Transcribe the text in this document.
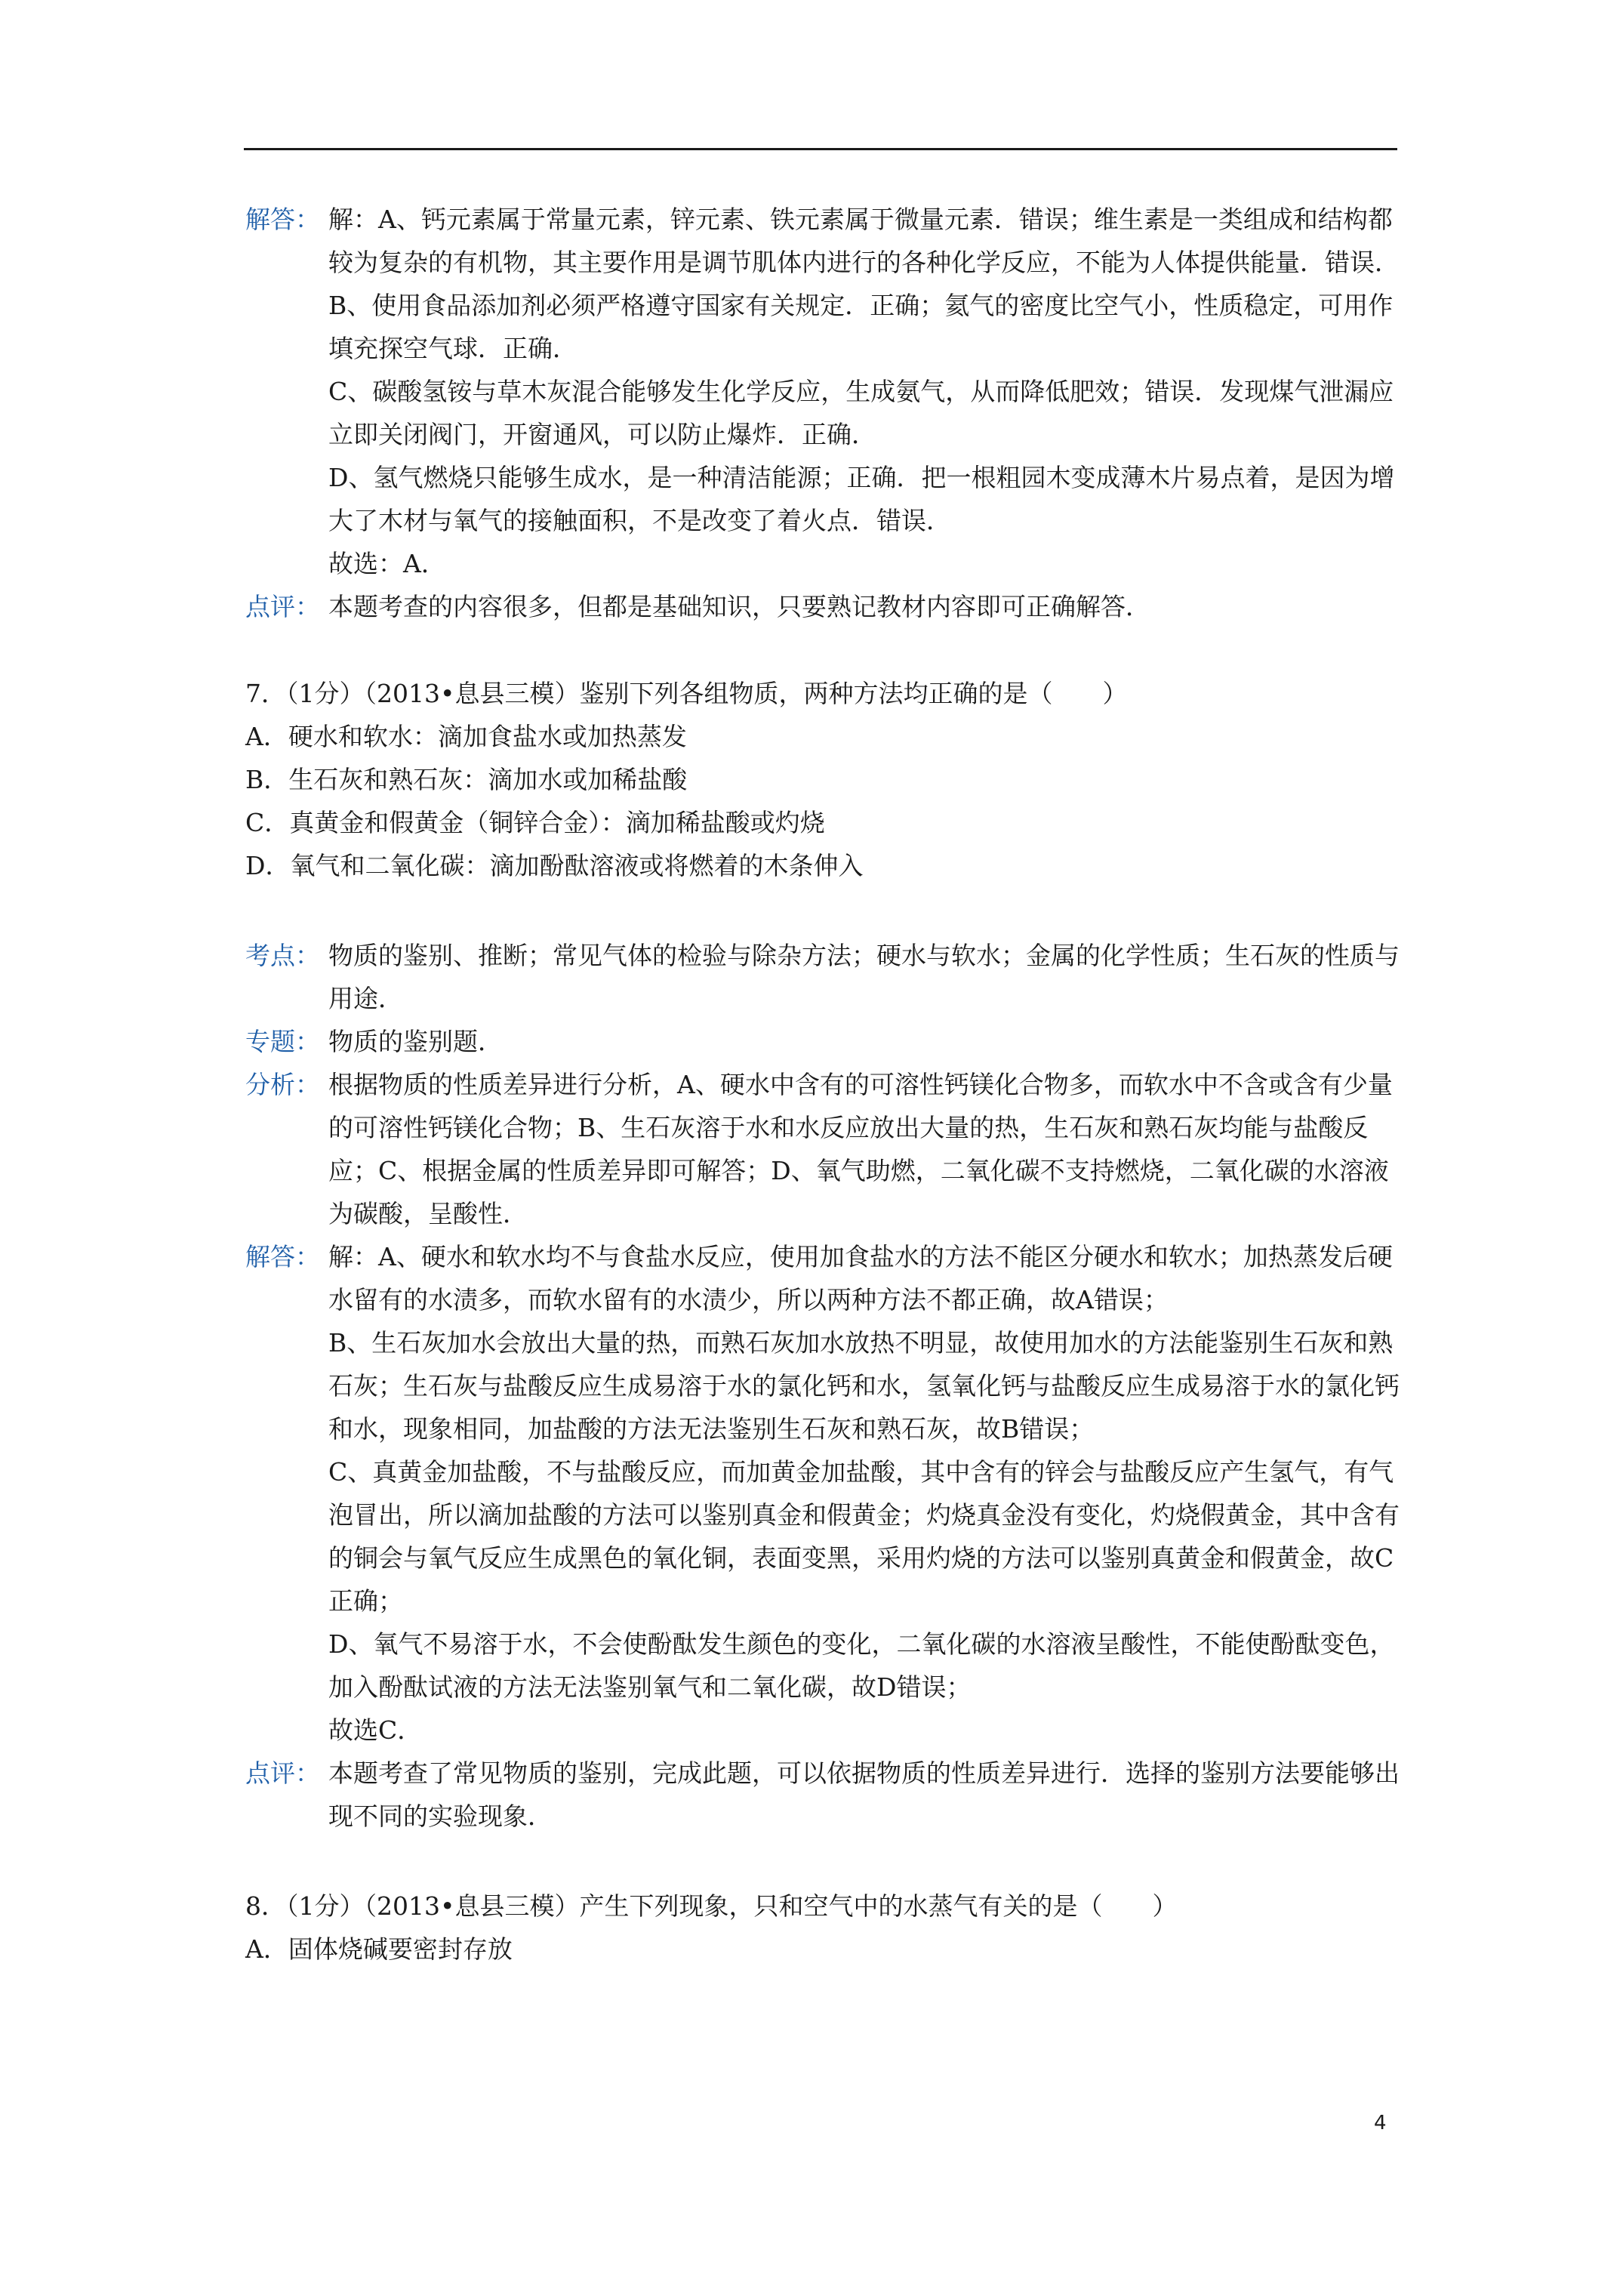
解答： 解：A、钙元素属于常量元素，锌元素、铁元素属于微量元素．错误；维生素是一类组成和结构都较为复杂的有机物，其主要作用是调节肌体内进行的各种化学反应，不能为人体提供能量．错误．

B、使用食品添加剂必须严格遵守国家有关规定．正确；氦气的密度比空气小，性质稳定，可用作填充探空气球．正确．

C、碳酸氢铵与草木灰混合能够发生化学反应，生成氨气，从而降低肥效；错误．发现煤气泄漏应立即关闭阀门，开窗通风，可以防止爆炸．正确．

D、氢气燃烧只能够生成水，是一种清洁能源；正确．把一根粗园木变成薄木片易点着，是因为增大了木材与氧气的接触面积，不是改变了着火点．错误．

故选：A．

点评： 本题考查的内容很多，但都是基础知识，只要熟记教材内容即可正确解答．

7．（1分）（2013•息县三模）鉴别下列各组物质，两种方法均正确的是（　　）

A．硬水和软水：滴加食盐水或加热蒸发

B．生石灰和熟石灰：滴加水或加稀盐酸

C．真黄金和假黄金（铜锌合金）：滴加稀盐酸或灼烧

D．氧气和二氧化碳：滴加酚酞溶液或将燃着的木条伸入

考点： 物质的鉴别、推断；常见气体的检验与除杂方法；硬水与软水；金属的化学性质；生石灰的性质与用途．

专题： 物质的鉴别题．

分析： 根据物质的性质差异进行分析，A、硬水中含有的可溶性钙镁化合物多，而软水中不含或含有少量的可溶性钙镁化合物；B、生石灰溶于水和水反应放出大量的热，生石灰和熟石灰均能与盐酸反应；C、根据金属的性质差异即可解答；D、氧气助燃，二氧化碳不支持燃烧，二氧化碳的水溶液为碳酸，呈酸性．

解答： 解：A、硬水和软水均不与食盐水反应，使用加食盐水的方法不能区分硬水和软水；加热蒸发后硬水留有的水渍多，而软水留有的水渍少，所以两种方法不都正确，故A错误；

B、生石灰加水会放出大量的热，而熟石灰加水放热不明显，故使用加水的方法能鉴别生石灰和熟石灰；生石灰与盐酸反应生成易溶于水的氯化钙和水，氢氧化钙与盐酸反应生成易溶于水的氯化钙和水，现象相同，加盐酸的方法无法鉴别生石灰和熟石灰，故B错误；

C、真黄金加盐酸，不与盐酸反应，而加黄金加盐酸，其中含有的锌会与盐酸反应产生氢气，有气泡冒出，所以滴加盐酸的方法可以鉴别真金和假黄金；灼烧真金没有变化，灼烧假黄金，其中含有的铜会与氧气反应生成黑色的氧化铜，表面变黑，采用灼烧的方法可以鉴别真黄金和假黄金，故C正确；

D、氧气不易溶于水，不会使酚酞发生颜色的变化，二氧化碳的水溶液呈酸性，不能使酚酞变色，加入酚酞试液的方法无法鉴别氧气和二氧化碳，故D错误；

故选C．

点评： 本题考查了常见物质的鉴别，完成此题，可以依据物质的性质差异进行．选择的鉴别方法要能够出现不同的实验现象．

8．（1分）（2013•息县三模）产生下列现象，只和空气中的水蒸气有关的是（　　）

A．固体烧碱要密封存放

4
